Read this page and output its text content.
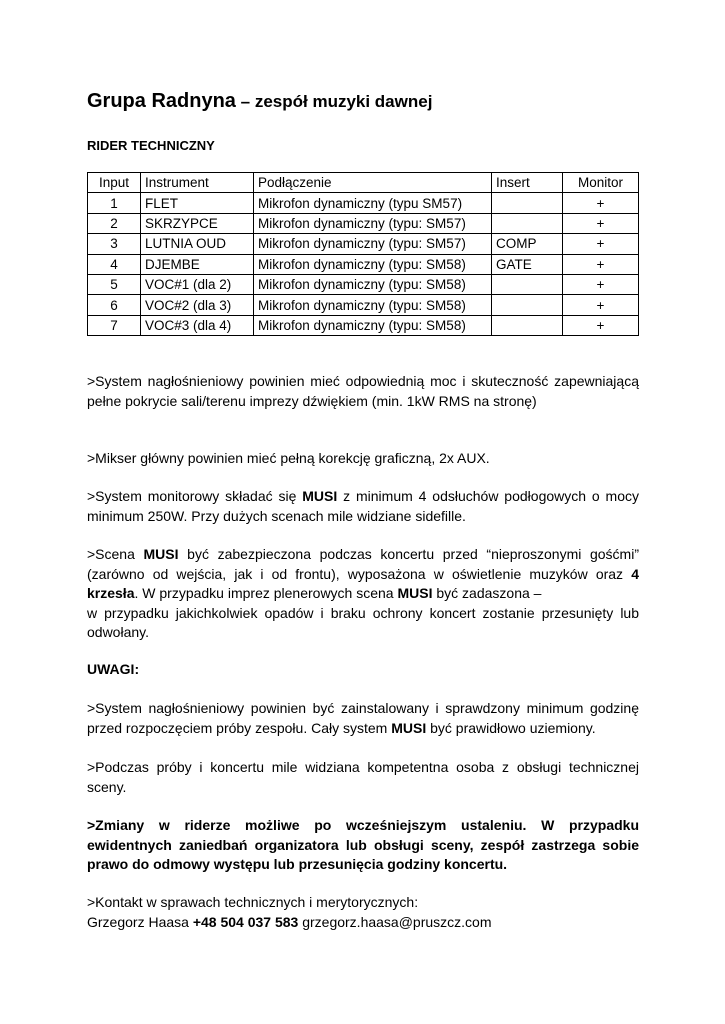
Grupa Radnyna – zespół muzyki dawnej
RIDER TECHNICZNY
Input	Instrument	Podłączenie	Insert	Monitor
1	FLET	Mikrofon dynamiczny (typu SM57)		+
2	SKRZYPCE	Mikrofon dynamiczny (typu: SM57)		+
3	LUTNIA OUD	Mikrofon dynamiczny (typu: SM57)	COMP	+
4	DJEMBE	Mikrofon dynamiczny (typu: SM58)	GATE	+
5	VOC#1 (dla 2)	Mikrofon dynamiczny (typu: SM58)		+
6	VOC#2 (dla 3)	Mikrofon dynamiczny (typu: SM58)		+
7	VOC#3 (dla 4)	Mikrofon dynamiczny (typu: SM58)		+
>System nagłośnieniowy powinien mieć odpowiednią moc i skuteczność zapewniającą pełne pokrycie sali/terenu imprezy dźwiękiem (min. 1kW RMS na stronę)
>Mikser główny powinien mieć pełną korekcję graficzną, 2x AUX.
>System monitorowy składać się MUSI z minimum 4 odsłuchów podłogowych o mocy minimum 250W. Przy dużych scenach mile widziane sidefille.
>Scena MUSI być zabezpieczona podczas koncertu przed “nieproszonymi gośćmi” (zarówno od wejścia, jak i od frontu), wyposażona w oświetlenie muzyków oraz 4 krzesła. W przypadku imprez plenerowych scena MUSI być zadaszona –
w przypadku jakichkolwiek opadów i braku ochrony koncert zostanie przesunięty lub odwołany.
UWAGI:
>System nagłośnieniowy powinien być zainstalowany i sprawdzony minimum godzinę przed rozpoczęciem próby zespołu. Cały system MUSI być prawidłowo uziemiony.
>Podczas próby i koncertu mile widziana kompetentna osoba z obsługi technicznej sceny.
>Zmiany w riderze możliwe po wcześniejszym ustaleniu. W przypadku ewidentnych zaniedbań organizatora lub obsługi sceny, zespół zastrzega sobie prawo do odmowy występu lub przesunięcia godziny koncertu.
>Kontakt w sprawach technicznych i merytorycznych:
Grzegorz Haasa +48 504 037 583 grzegorz.haasa@pruszcz.com
